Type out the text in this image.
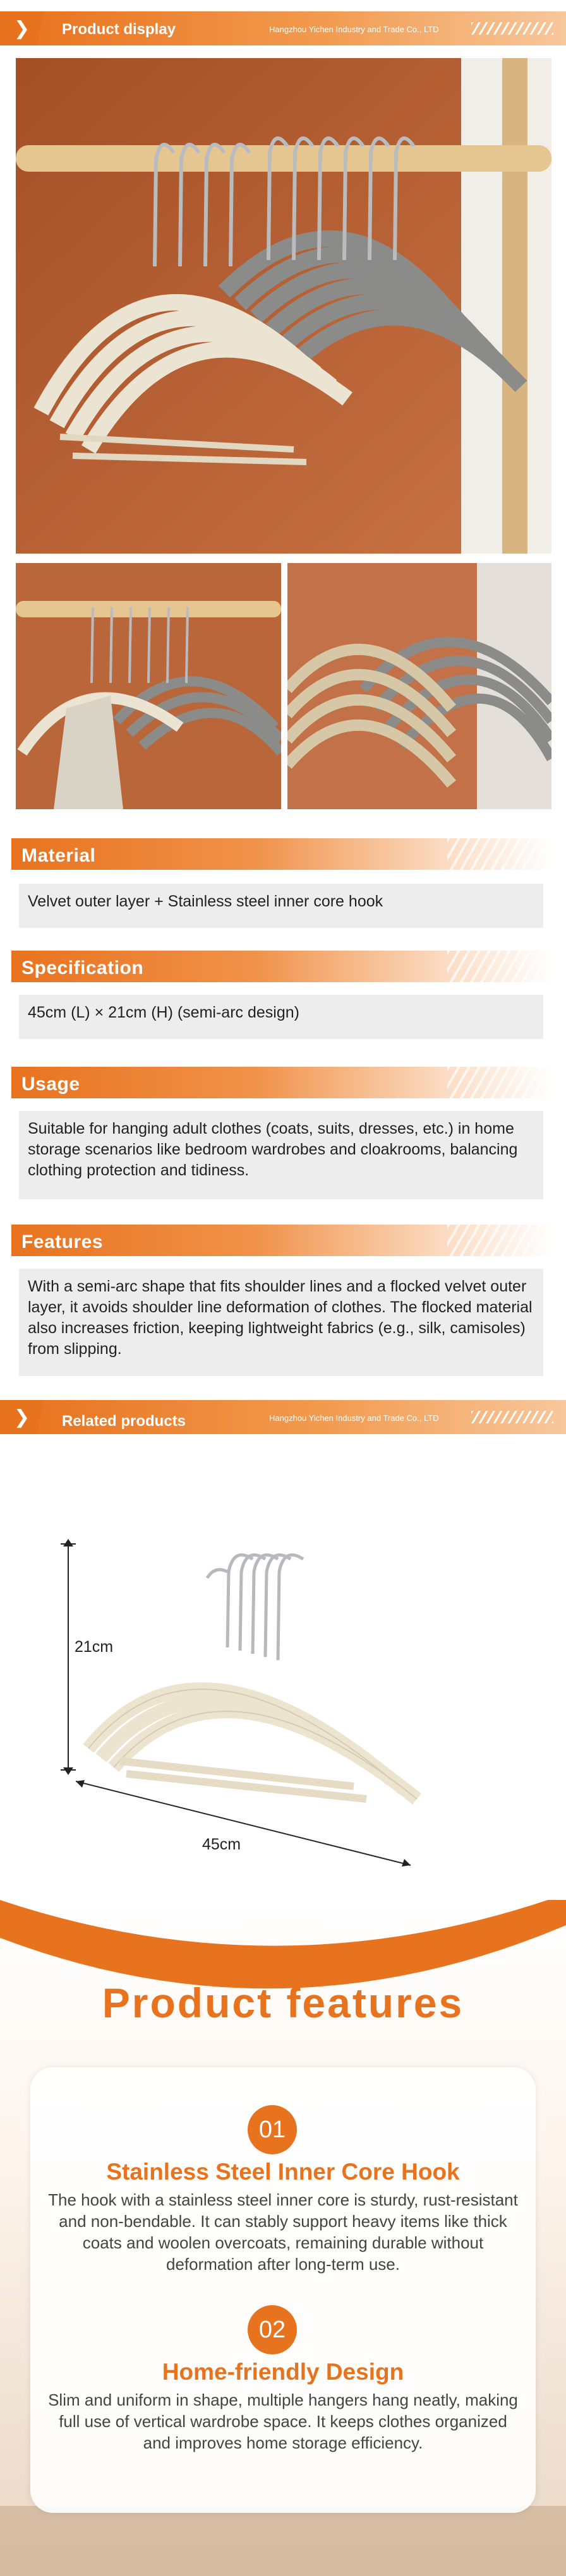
❯ Product display	Hangzhou Yichen Industry and Trade Co., LTD
Material
Velvet outer layer + Stainless steel inner core hook
Specification
45cm (L) × 21cm (H) (semi-arc design)
Usage
Suitable for hanging adult clothes (coats, suits, dresses, etc.) in home storage scenarios like bedroom wardrobes and cloakrooms, balancing clothing protection and tidiness.
Features
With a semi-arc shape that fits shoulder lines and a flocked velvet outer layer, it avoids shoulder line deformation of clothes. The flocked material also increases friction, keeping lightweight fabrics (e.g., silk, camisoles) from slipping.
❯ Related products	Hangzhou Yichen Industry and Trade Co., LTD
21cm
45cm
Product features
01
Stainless Steel Inner Core Hook
The hook with a stainless steel inner core is sturdy, rust-resistant and non-bendable. It can stably support heavy items like thick coats and woolen overcoats, remaining durable without deformation after long-term use.
02
Home-friendly Design
Slim and uniform in shape, multiple hangers hang neatly, making full use of vertical wardrobe space. It keeps clothes organized and improves home storage efficiency.
